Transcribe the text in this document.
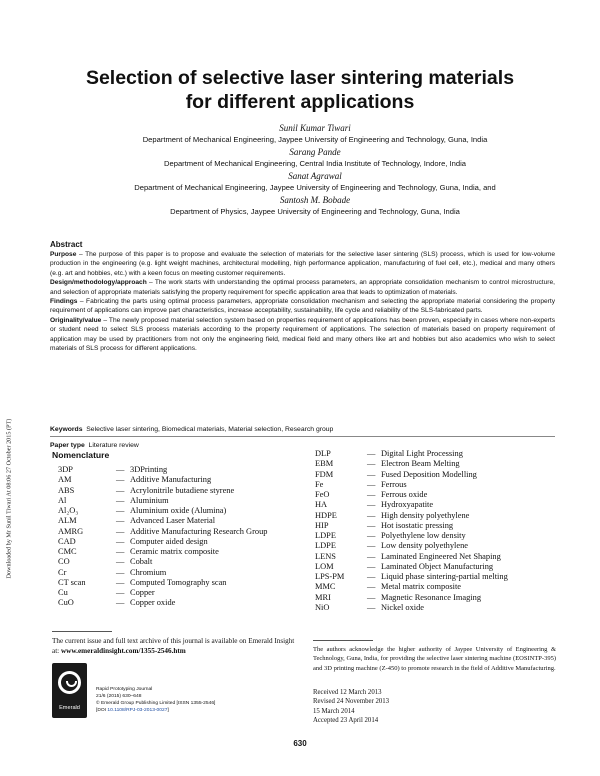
Downloaded by Mr Sunil Tiwari At 08:06 27 October 2015 (PT)
Selection of selective laser sintering materials
for different applications
Sunil Kumar Tiwari
Department of Mechanical Engineering, Jaypee University of Engineering and Technology, Guna, India
Sarang Pande
Department of Mechanical Engineering, Central India Institute of Technology, Indore, India
Sanat Agrawal
Department of Mechanical Engineering, Jaypee University of Engineering and Technology, Guna, India, and
Santosh M. Bobade
Department of Physics, Jaypee University of Engineering and Technology, Guna, India
Abstract

Purpose – The purpose of this paper is to propose and evaluate the selection of materials for the selective laser sintering (SLS) process, which is used for low-volume production in the engineering (e.g. light weight machines, architectural modelling, high performance application, manufacturing of fuel cell, etc.), medical and many others (e.g. art and hobbies, etc.) with a keen focus on meeting customer requirements.

Design/methodology/approach – The work starts with understanding the optimal process parameters, an appropriate consolidation mechanism to control microstructure, and selection of appropriate materials satisfying the property requirement for specific application area that leads to optimization of materials.

Findings – Fabricating the parts using optimal process parameters, appropriate consolidation mechanism and selecting the appropriate material considering the property requirement of applications can improve part characteristics, increase acceptability, sustainability, life cycle and reliability of the SLS-fabricated parts.

Originality/value – The newly proposed material selection system based on properties requirement of applications has been proven, especially in cases where non-experts or student need to select SLS process materials according to the property requirement of applications. The selection of materials based on property requirement of application may be used by practitioners from not only the engineering field, medical field and many others like art and hobbies but also academics who wish to select materials of SLS process for different applications.

Keywords Selective laser sintering, Biomedical materials, Material selection, Research group
Paper type Literature review
Nomenclature
3DP	— 3DPrinting
AM	— Additive Manufacturing
ABS	— Acrylonitrile butadiene styrene
Al	— Aluminium
Al₂O₃	— Aluminium oxide (Alumina)
ALM	— Advanced Laser Material
AMRG	— Additive Manufacturing Research Group
CAD	— Computer aided design
CMC	— Ceramic matrix composite
CO	— Cobalt
Cr	— Chromium
CT scan	— Computed Tomography scan
Cu	— Copper
CuO	— Copper oxide
DLP	— Digital Light Processing
EBM	— Electron Beam Melting
FDM	— Fused Deposition Modelling
Fe	— Ferrous
FeO	— Ferrous oxide
HA	— Hydroxyapatite
HDPE	— High density polyethylene
HIP	— Hot isostatic pressing
LDPE	— Polyethylene low density
LDPE	— Low density polyethylene
LENS	— Laminated Engineered Net Shaping
LOM	— Laminated Object Manufacturing
LPS-PM	— Liquid phase sintering-partial melting
MMC	— Metal matrix composite
MRI	— Magnetic Resonance Imaging
NiO	— Nickel oxide
The current issue and full text archive of this journal is available on Emerald Insight at: www.emeraldinsight.com/1355-2546.htm
Emerald
Rapid Prototyping Journal
21/6 (2015) 630–648
© Emerald Group Publishing Limited [ISSN 1355-2546]
[DOI 10.1108/RPJ-03-2013-0027]
The authors acknowledge the higher authority of Jaypee University of Engineering & Technology, Guna, India, for providing the selective laser sintering machine (EOSINTP-395) and 3D printing machine (Z-450) to promote research in the field of Additive Manufacturing.
Received 12 March 2013
Revised 24 November 2013
15 March 2014
Accepted 23 April 2014
630
